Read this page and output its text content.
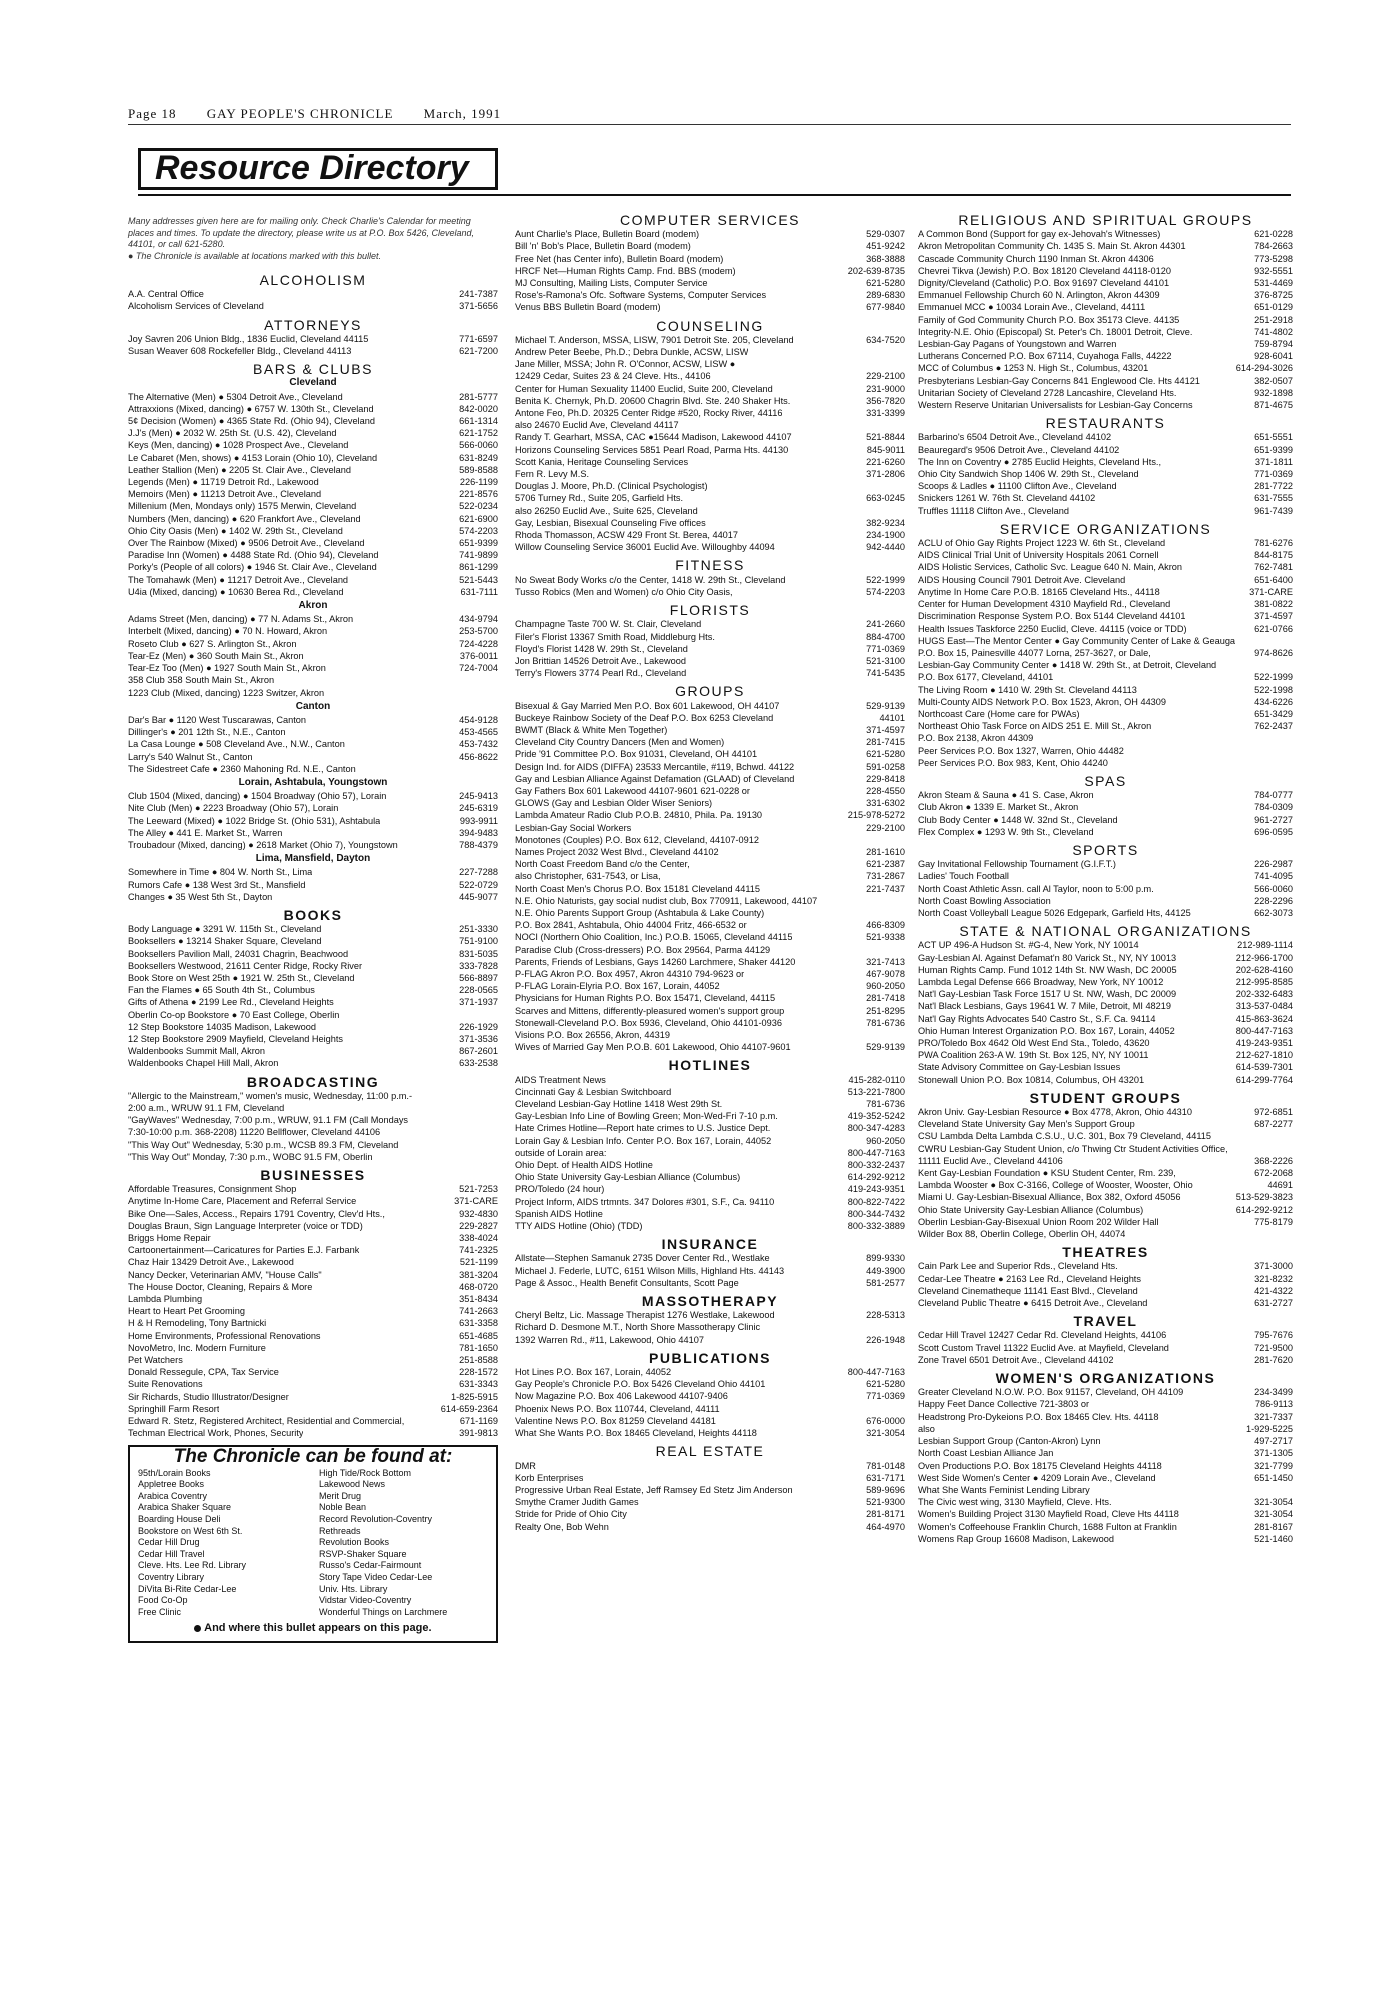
Page 18 GAY PEOPLE'S CHRONICLE March, 1991
Resource Directory
Many addresses given here are for mailing only. Check Charlie's Calendar for meeting places and times. To update the directory, please write us at P.O. Box 5426, Cleveland, 44101, or call 621-5280.
● The Chronicle is available at locations marked with this bullet.
ALCOHOLISM
A.A. Central Office	241-7387
Alcoholism Services of Cleveland	371-5656
ATTORNEYS
Joy Savren 206 Union Bldg., 1836 Euclid, Cleveland 44115	771-6597
Susan Weaver 608 Rockefeller Bldg., Cleveland 44113	621-7200
BARS & CLUBS
Cleveland
The Alternative (Men) ● 5304 Detroit Ave., Cleveland	281-5777
Attraxxions (Mixed, dancing) ● 6757 W. 130th St., Cleveland	842-0020
5¢ Decision (Women) ● 4365 State Rd. (Ohio 94), Cleveland	661-1314
J.J's (Men) ● 2032 W. 25th St. (U.S. 42), Cleveland	621-1752
Keys (Men, dancing) ● 1028 Prospect Ave., Cleveland	566-0060
Le Cabaret (Men, shows) ● 4153 Lorain (Ohio 10), Cleveland	631-8249
Leather Stallion (Men) ● 2205 St. Clair Ave., Cleveland	589-8588
Legends (Men) ● 11719 Detroit Rd., Lakewood	226-1199
Memoirs (Men) ● 11213 Detroit Ave., Cleveland	221-8576
Millenium (Men, Mondays only) 1575 Merwin, Cleveland	522-0234
Numbers (Men, dancing) ● 620 Frankfort Ave., Cleveland	621-6900
Ohio City Oasis (Men) ● 1402 W. 29th St., Cleveland	574-2203
Over The Rainbow (Mixed) ● 9506 Detroit Ave., Cleveland	651-9399
Paradise Inn (Women) ● 4488 State Rd. (Ohio 94), Cleveland	741-9899
Porky's (People of all colors) ● 1946 St. Clair Ave., Cleveland	861-1299
The Tomahawk (Men) ● 11217 Detroit Ave., Cleveland	521-5443
U4ia (Mixed, dancing) ● 10630 Berea Rd., Cleveland	631-7111
Akron
Adams Street (Men, dancing) ● 77 N. Adams St., Akron	434-9794
Interbelt (Mixed, dancing) ● 70 N. Howard, Akron	253-5700
Roseto Club ● 627 S. Arlington St., Akron	724-4228
Tear-Ez (Men) ● 360 South Main St., Akron	376-0011
Tear-Ez Too (Men) ● 1927 South Main St., Akron	724-7004
358 Club 358 South Main St., Akron
1223 Club (Mixed, dancing) 1223 Switzer, Akron
Canton
Dar's Bar ● 1120 West Tuscarawas, Canton	454-9128
Dillinger's ● 201 12th St., N.E., Canton	453-4565
La Casa Lounge ● 508 Cleveland Ave., N.W., Canton	453-7432
Larry's 540 Walnut St., Canton	456-8622
The Sidestreet Cafe ● 2360 Mahoning Rd. N.E., Canton
Lorain, Ashtabula, Youngstown
Club 1504 (Mixed, dancing) ● 1504 Broadway (Ohio 57), Lorain	245-9413
Nite Club (Men) ● 2223 Broadway (Ohio 57), Lorain	245-6319
The Leeward (Mixed) ● 1022 Bridge St. (Ohio 531), Ashtabula	993-9911
The Alley ● 441 E. Market St., Warren	394-9483
Troubadour (Mixed, dancing) ● 2618 Market (Ohio 7), Youngstown	788-4379
Lima, Mansfield, Dayton
Somewhere in Time ● 804 W. North St., Lima	227-7288
Rumors Cafe ● 138 West 3rd St., Mansfield	522-0729
Changes ● 35 West 5th St., Dayton	445-9077
BOOKS
Body Language ● 3291 W. 115th St., Cleveland	251-3330
Booksellers ● 13214 Shaker Square, Cleveland	751-9100
Booksellers Pavilion Mall, 24031 Chagrin, Beachwood	831-5035
Booksellers Westwood, 21611 Center Ridge, Rocky River	333-7828
Book Store on West 25th ● 1921 W. 25th St., Cleveland	566-8897
Fan the Flames ● 65 South 4th St., Columbus	228-0565
Gifts of Athena ● 2199 Lee Rd., Cleveland Heights	371-1937
Oberlin Co-op Bookstore ● 70 East College, Oberlin
12 Step Bookstore 14035 Madison, Lakewood	226-1929
12 Step Bookstore 2909 Mayfield, Cleveland Heights	371-3536
Waldenbooks Summit Mall, Akron	867-2601
Waldenbooks Chapel Hill Mall, Akron	633-2538
BROADCASTING
"Allergic to the Mainstream," women's music, Wednesday, 11:00 p.m.-
2:00 a.m., WRUW 91.1 FM, Cleveland
"GayWaves" Wednesday, 7:00 p.m., WRUW, 91.1 FM (Call Mondays
7:30-10:00 p.m. 368-2208) 11220 Bellflower, Cleveland 44106
"This Way Out" Wednesday, 5:30 p.m., WCSB 89.3 FM, Cleveland
"This Way Out" Monday, 7:30 p.m., WOBC 91.5 FM, Oberlin
BUSINESSES
Affordable Treasures, Consignment Shop	521-7253
Anytime In-Home Care, Placement and Referral Service	371-CARE
Bike One—Sales, Access., Repairs 1791 Coventry, Clev'd Hts.,	932-4830
Douglas Braun, Sign Language Interpreter (voice or TDD)	229-2827
Briggs Home Repair	338-4024
Cartoonertainment—Caricatures for Parties E.J. Farbank	741-2325
Chaz Hair 13429 Detroit Ave., Lakewood	521-1199
Nancy Decker, Veterinarian AMV, "House Calls"	381-3204
The House Doctor, Cleaning, Repairs & More	468-0720
Lambda Plumbing	351-8434
Heart to Heart Pet Grooming	741-2663
H & H Remodeling, Tony Bartnicki	631-3358
Home Environments, Professional Renovations	651-4685
NovoMetro, Inc. Modern Furniture	781-1650
Pet Watchers	251-8588
Donald Ressegule, CPA, Tax Service	228-1572
Suite Renovations	631-3343
Sir Richards, Studio Illustrator/Designer	1-825-5915
Springhill Farm Resort	614-659-2364
Edward R. Stetz, Registered Architect, Residential and Commercial,	671-1169
Techman Electrical Work, Phones, Security	391-9813
The Chronicle can be found at:
95th/Lorain Books
Appletree Books
Arabica Coventry
Arabica Shaker Square
Boarding House Deli
Bookstore on West 6th St.
Cedar Hill Drug
Cedar Hill Travel
Cleve. Hts. Lee Rd. Library
Coventry Library
DiVita Bi-Rite Cedar-Lee
Food Co-Op
Free Clinic
High Tide/Rock Bottom
Lakewood News
Merit Drug
Noble Bean
Record Revolution-Coventry
Rethreads
Revolution Books
RSVP-Shaker Square
Russo's Cedar-Fairmount
Story Tape Video Cedar-Lee
Univ. Hts. Library
Vidstar Video-Coventry
Wonderful Things on Larchmere
And where this bullet appears on this page.
COMPUTER SERVICES
Aunt Charlie's Place, Bulletin Board (modem)	529-0307
Bill 'n' Bob's Place, Bulletin Board (modem)	451-9242
Free Net (has Center info), Bulletin Board (modem)	368-3888
HRCF Net—Human Rights Camp. Fnd. BBS (modem)	202-639-8735
MJ Consulting, Mailing Lists, Computer Service	621-5280
Rose's-Ramona's Ofc. Software Systems, Computer Services	289-6830
Venus BBS Bulletin Board (modem)	677-9840
COUNSELING
Michael T. Anderson, MSSA, LISW, 7901 Detroit Ste. 205, Cleveland	634-7520
Andrew Peter Beebe, Ph.D.; Debra Dunkle, ACSW, LISW
Jane Miller, MSSA; John R. O'Connor, ACSW, LISW ●
12429 Cedar, Suites 23 & 24 Cleve. Hts., 44106	229-2100
Center for Human Sexuality 11400 Euclid, Suite 200, Cleveland	231-9000
Benita K. Chernyk, Ph.D. 20600 Chagrin Blvd. Ste. 240 Shaker Hts.	356-7820
Antone Feo, Ph.D. 20325 Center Ridge #520, Rocky River, 44116	331-3399
also 24670 Euclid Ave, Cleveland 44117
Randy T. Gearhart, MSSA, CAC ●15644 Madison, Lakewood 44107	521-8844
Horizons Counseling Services 5851 Pearl Road, Parma Hts. 44130	845-9011
Scott Kania, Heritage Counseling Services	221-6260
Fern R. Levy M.S.	371-2806
Douglas J. Moore, Ph.D. (Clinical Psychologist)
5706 Turney Rd., Suite 205, Garfield Hts.	663-0245
also 26250 Euclid Ave., Suite 625, Cleveland
Gay, Lesbian, Bisexual Counseling Five offices	382-9234
Rhoda Thomasson, ACSW 429 Front St. Berea, 44017	234-1900
Willow Counseling Service 36001 Euclid Ave. Willoughby 44094	942-4440
FITNESS
No Sweat Body Works c/o the Center, 1418 W. 29th St., Cleveland	522-1999
Tusso Robics (Men and Women) c/o Ohio City Oasis,	574-2203
FLORISTS
Champagne Taste 700 W. St. Clair, Cleveland	241-2660
Filer's Florist 13367 Smith Road, Middleburg Hts.	884-4700
Floyd's Florist 1428 W. 29th St., Cleveland	771-0369
Jon Brittian 14526 Detroit Ave., Lakewood	521-3100
Terry's Flowers 3774 Pearl Rd., Cleveland	741-5435
GROUPS
Bisexual & Gay Married Men P.O. Box 601 Lakewood, OH 44107	529-9139
Buckeye Rainbow Society of the Deaf P.O. Box 6253 Cleveland	44101
BWMT (Black & White Men Together)	371-4597
Cleveland City Country Dancers (Men and Women)	281-7415
Pride '91 Committee P.O. Box 91031, Cleveland, OH 44101	621-5280
Design Ind. for AIDS (DIFFA) 23533 Mercantile, #119, Bchwd. 44122	591-0258
Gay and Lesbian Alliance Against Defamation (GLAAD) of Cleveland	229-8418
Gay Fathers Box 601 Lakewood 44107-9601 621-0228 or	228-4550
GLOWS (Gay and Lesbian Older Wiser Seniors)	331-6302
Lambda Amateur Radio Club P.O.B. 24810, Phila. Pa. 19130	215-978-5272
Lesbian-Gay Social Workers	229-2100
Monotones (Couples) P.O. Box 612, Cleveland, 44107-0912
Names Project 2032 West Blvd., Cleveland 44102	281-1610
North Coast Freedom Band c/o the Center,	621-2387
also Christopher, 631-7543, or Lisa,	731-2867
North Coast Men's Chorus P.O. Box 15181 Cleveland 44115	221-7437
N.E. Ohio Naturists, gay social nudist club, Box 770911, Lakewood, 44107
N.E. Ohio Parents Support Group (Ashtabula & Lake County)
P.O. Box 2841, Ashtabula, Ohio 44004 Fritz, 466-6532 or	466-8309
NOCI (Northern Ohio Coalition, Inc.) P.O.B. 15065, Cleveland 44115	521-9338
Paradise Club (Cross-dressers) P.O. Box 29564, Parma 44129
Parents, Friends of Lesbians, Gays 14260 Larchmere, Shaker 44120	321-7413
P-FLAG Akron P.O. Box 4957, Akron 44310 794-9623 or	467-9078
P-FLAG Lorain-Elyria P.O. Box 167, Lorain, 44052	960-2050
Physicians for Human Rights P.O. Box 15471, Cleveland, 44115	281-7418
Scarves and Mittens, differently-pleasured women's support group	251-8295
Stonewall-Cleveland P.O. Box 5936, Cleveland, Ohio 44101-0936	781-6736
Visions P.O. Box 26556, Akron, 44319
Wives of Married Gay Men P.O.B. 601 Lakewood, Ohio 44107-9601	529-9139
HOTLINES
AIDS Treatment News	415-282-0110
Cincinnati Gay & Lesbian Switchboard	513-221-7800
Cleveland Lesbian-Gay Hotline 1418 West 29th St.	781-6736
Gay-Lesbian Info Line of Bowling Green; Mon-Wed-Fri 7-10 p.m.	419-352-5242
Hate Crimes Hotline—Report hate crimes to U.S. Justice Dept.	800-347-4283
Lorain Gay & Lesbian Info. Center P.O. Box 167, Lorain, 44052	960-2050
outside of Lorain area:	800-447-7163
Ohio Dept. of Health AIDS Hotline	800-332-2437
Ohio State University Gay-Lesbian Alliance (Columbus)	614-292-9212
PRO/Toledo (24 hour)	419-243-9351
Project Inform, AIDS trtmnts. 347 Dolores #301, S.F., Ca. 94110	800-822-7422
Spanish AIDS Hotline	800-344-7432
TTY AIDS Hotline (Ohio) (TDD)	800-332-3889
INSURANCE
Allstate—Stephen Samanuk 2735 Dover Center Rd., Westlake	899-9330
Michael J. Federle, LUTC, 6151 Wilson Mills, Highland Hts. 44143	449-3900
Page & Assoc., Health Benefit Consultants, Scott Page	581-2577
MASSOTHERAPY
Cheryl Beltz, Lic. Massage Therapist 1276 Westlake, Lakewood	228-5313
Richard D. Desmone M.T., North Shore Massotherapy Clinic
1392 Warren Rd., #11, Lakewood, Ohio 44107	226-1948
PUBLICATIONS
Hot Lines P.O. Box 167, Lorain, 44052	800-447-7163
Gay People's Chronicle P.O. Box 5426 Cleveland Ohio 44101	621-5280
Now Magazine P.O. Box 406 Lakewood 44107-9406	771-0369
Phoenix News P.O. Box 110744, Cleveland, 44111
Valentine News P.O. Box 81259 Cleveland 44181	676-0000
What She Wants P.O. Box 18465 Cleveland, Heights 44118	321-3054
REAL ESTATE
DMR	781-0148
Korb Enterprises	631-7171
Progressive Urban Real Estate, Jeff Ramsey Ed Stetz Jim Anderson	589-9696
Smythe Cramer Judith Games	521-9300
Stride for Pride of Ohio City	281-8171
Realty One, Bob Wehn	464-4970
RELIGIOUS AND SPIRITUAL GROUPS
A Common Bond (Support for gay ex-Jehovah's Witnesses)	621-0228
Akron Metropolitan Community Ch. 1435 S. Main St. Akron 44301	784-2663
Cascade Community Church 1190 Inman St. Akron 44306	773-5298
Chevrei Tikva (Jewish) P.O. Box 18120 Cleveland 44118-0120	932-5551
Dignity/Cleveland (Catholic) P.O. Box 91697 Cleveland 44101	531-4469
Emmanuel Fellowship Church 60 N. Arlington, Akron 44309	376-8725
Emmanuel MCC ● 10034 Lorain Ave., Cleveland, 44111	651-0129
Family of God Community Church P.O. Box 35173 Cleve. 44135	251-2918
Integrity-N.E. Ohio (Episcopal) St. Peter's Ch. 18001 Detroit, Cleve.	741-4802
Lesbian-Gay Pagans of Youngstown and Warren	759-8794
Lutherans Concerned P.O. Box 67114, Cuyahoga Falls, 44222	928-6041
MCC of Columbus ● 1253 N. High St., Columbus, 43201	614-294-3026
Presbyterians Lesbian-Gay Concerns 841 Englewood Cle. Hts 44121	382-0507
Unitarian Society of Cleveland 2728 Lancashire, Cleveland Hts.	932-1898
Western Reserve Unitarian Universalists for Lesbian-Gay Concerns	871-4675
RESTAURANTS
Barbarino's 6504 Detroit Ave., Cleveland 44102	651-5551
Beauregard's 9506 Detroit Ave., Cleveland 44102	651-9399
The Inn on Coventry ● 2785 Euclid Heights, Cleveland Hts.,	371-1811
Ohio City Sandwich Shop 1406 W. 29th St., Cleveland	771-0369
Scoops & Ladles ● 11100 Clifton Ave., Cleveland	281-7722
Snickers 1261 W. 76th St. Cleveland 44102	631-7555
Truffles 11118 Clifton Ave., Cleveland	961-7439
SERVICE ORGANIZATIONS
ACLU of Ohio Gay Rights Project 1223 W. 6th St., Cleveland	781-6276
AIDS Clinical Trial Unit of University Hospitals 2061 Cornell	844-8175
AIDS Holistic Services, Catholic Svc. League 640 N. Main, Akron	762-7481
AIDS Housing Council 7901 Detroit Ave. Cleveland	651-6400
Anytime In Home Care P.O.B. 18165 Cleveland Hts., 44118	371-CARE
Center for Human Development 4310 Mayfield Rd., Cleveland	381-0822
Discrimination Response System P.O. Box 5144 Cleveland 44101	371-4597
Health Issues Taskforce 2250 Euclid, Cleve. 44115 (voice or TDD)	621-0766
HUGS East—The Mentor Center ● Gay Community Center of Lake & Geauga
P.O. Box 15, Painesville 44077 Lorna, 257-3627, or Dale,	974-8626
Lesbian-Gay Community Center ● 1418 W. 29th St., at Detroit, Cleveland
P.O. Box 6177, Cleveland, 44101	522-1999
The Living Room ● 1410 W. 29th St. Cleveland 44113	522-1998
Multi-County AIDS Network P.O. Box 1523, Akron, OH 44309	434-6226
Northcoast Care (Home care for PWAs)	651-3429
Northeast Ohio Task Force on AIDS 251 E. Mill St., Akron	762-2437
P.O. Box 2138, Akron 44309
Peer Services P.O. Box 1327, Warren, Ohio 44482
Peer Services P.O. Box 983, Kent, Ohio 44240
SPAS
Akron Steam & Sauna ● 41 S. Case, Akron	784-0777
Club Akron ● 1339 E. Market St., Akron	784-0309
Club Body Center ● 1448 W. 32nd St., Cleveland	961-2727
Flex Complex ● 1293 W. 9th St., Cleveland	696-0595
SPORTS
Gay Invitational Fellowship Tournament (G.I.F.T.)	226-2987
Ladies' Touch Football	741-4095
North Coast Athletic Assn. call Al Taylor, noon to 5:00 p.m.	566-0060
North Coast Bowling Association	228-2296
North Coast Volleyball League 5026 Edgepark, Garfield Hts, 44125	662-3073
STATE & NATIONAL ORGANIZATIONS
ACT UP 496-A Hudson St. #G-4, New York, NY 10014	212-989-1114
Gay-Lesbian Al. Against Defamat'n 80 Varick St., NY, NY 10013	212-966-1700
Human Rights Camp. Fund 1012 14th St. NW Wash, DC 20005	202-628-4160
Lambda Legal Defense 666 Broadway, New York, NY 10012	212-995-8585
Nat'l Gay-Lesbian Task Force 1517 U St. NW, Wash, DC 20009	202-332-6483
Nat'l Black Lesbians, Gays 19641 W. 7 Mile, Detroit, MI 48219	313-537-0484
Nat'l Gay Rights Advocates 540 Castro St., S.F. Ca. 94114	415-863-3624
Ohio Human Interest Organization P.O. Box 167, Lorain, 44052	800-447-7163
PRO/Toledo Box 4642 Old West End Sta., Toledo, 43620	419-243-9351
PWA Coalition 263-A W. 19th St. Box 125, NY, NY 10011	212-627-1810
State Advisory Committee on Gay-Lesbian Issues	614-539-7301
Stonewall Union P.O. Box 10814, Columbus, OH 43201	614-299-7764
STUDENT GROUPS
Akron Univ. Gay-Lesbian Resource ● Box 4778, Akron, Ohio 44310	972-6851
Cleveland State University Gay Men's Support Group	687-2277
CSU Lambda Delta Lambda C.S.U., U.C. 301, Box 79 Cleveland, 44115
CWRU Lesbian-Gay Student Union, c/o Thwing Ctr Student Activities Office,
11111 Euclid Ave., Cleveland 44106	368-2226
Kent Gay-Lesbian Foundation ● KSU Student Center, Rm. 239,	672-2068
Lambda Wooster ● Box C-3166, College of Wooster, Wooster, Ohio	44691
Miami U. Gay-Lesbian-Bisexual Alliance, Box 382, Oxford 45056	513-529-3823
Ohio State University Gay-Lesbian Alliance (Columbus)	614-292-9212
Oberlin Lesbian-Gay-Bisexual Union Room 202 Wilder Hall	775-8179
Wilder Box 88, Oberlin College, Oberlin OH, 44074
THEATRES
Cain Park Lee and Superior Rds., Cleveland Hts.	371-3000
Cedar-Lee Theatre ● 2163 Lee Rd., Cleveland Heights	321-8232
Cleveland Cinematheque 11141 East Blvd., Cleveland	421-4322
Cleveland Public Theatre ● 6415 Detroit Ave., Cleveland	631-2727
TRAVEL
Cedar Hill Travel 12427 Cedar Rd. Cleveland Heights, 44106	795-7676
Scott Custom Travel 11322 Euclid Ave. at Mayfield, Cleveland	721-9500
Zone Travel 6501 Detroit Ave., Cleveland 44102	281-7620
WOMEN'S ORGANIZATIONS
Greater Cleveland N.O.W. P.O. Box 91157, Cleveland, OH 44109	234-3499
Happy Feet Dance Collective 721-3803 or	786-9113
Headstrong Pro-Dykeions P.O. Box 18465 Clev. Hts. 44118	321-7337
also	1-929-5225
Lesbian Support Group (Canton-Akron) Lynn	497-2717
North Coast Lesbian Alliance Jan	371-1305
Oven Productions P.O. Box 18175 Cleveland Heights 44118	321-7799
West Side Women's Center ● 4209 Lorain Ave., Cleveland	651-1450
What She Wants Feminist Lending Library
The Civic west wing, 3130 Mayfield, Cleve. Hts.	321-3054
Women's Building Project 3130 Mayfield Road, Cleve Hts 44118	321-3054
Women's Coffeehouse Franklin Church, 1688 Fulton at Franklin	281-8167
Womens Rap Group 16608 Madison, Lakewood	521-1460
